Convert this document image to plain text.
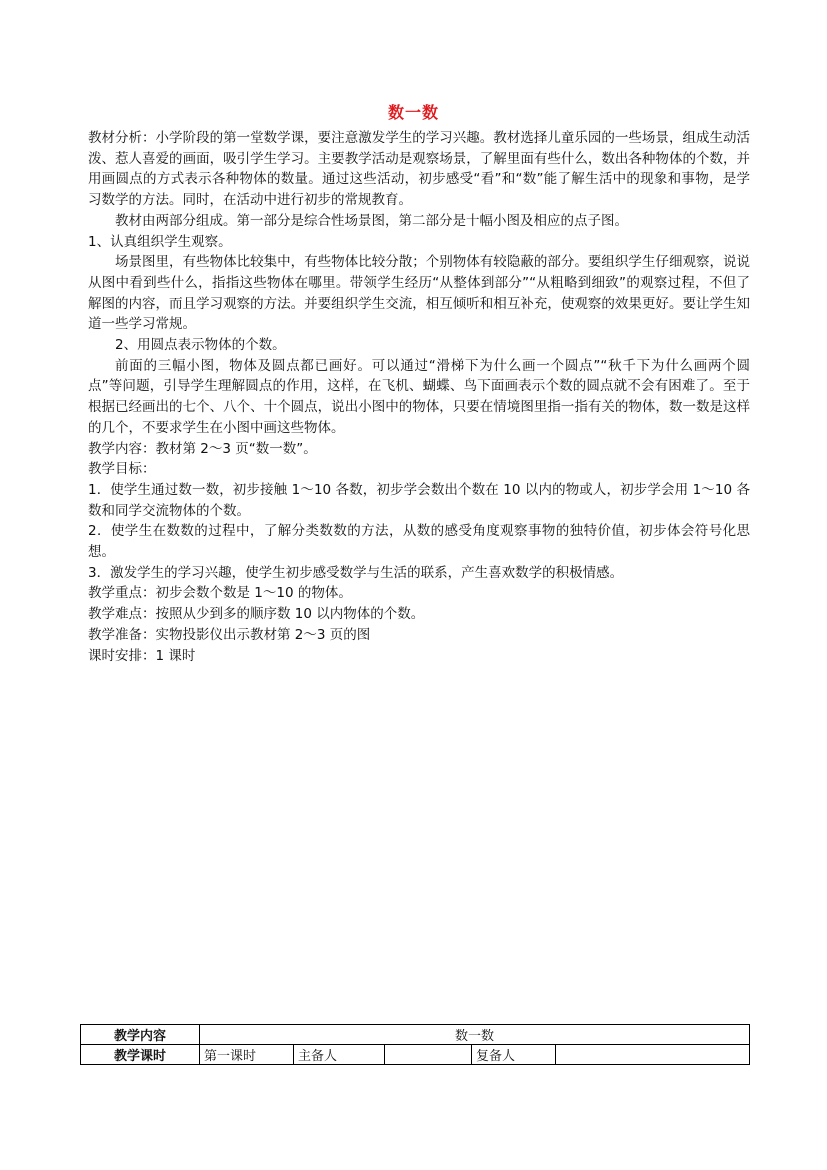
数一数

教材分析：小学阶段的第一堂数学课，要注意激发学生的学习兴趣。教材选择儿童乐园的一些场景，组成生动活泼、惹人喜爱的画面，吸引学生学习。主要教学活动是观察场景，了解里面有些什么，数出各种物体的个数，并用画圆点的方式表示各种物体的数量。通过这些活动，初步感受“看”和“数”能了解生活中的现象和事物，是学习数学的方法。同时，在活动中进行初步的常规教育。

教材由两部分组成。第一部分是综合性场景图，第二部分是十幅小图及相应的点子图。

1、认真组织学生观察。

场景图里，有些物体比较集中，有些物体比较分散；个别物体有较隐蔽的部分。要组织学生仔细观察，说说从图中看到些什么，指指这些物体在哪里。带领学生经历“从整体到部分”“从粗略到细致”的观察过程，不但了解图的内容，而且学习观察的方法。并要组织学生交流，相互倾听和相互补充，使观察的效果更好。要让学生知道一些学习常规。

2、用圆点表示物体的个数。

前面的三幅小图，物体及圆点都已画好。可以通过“滑梯下为什么画一个圆点”“秋千下为什么画两个圆点”等问题，引导学生理解圆点的作用，这样，在飞机、蝴蝶、鸟下面画表示个数的圆点就不会有困难了。至于根据已经画出的七个、八个、十个圆点，说出小图中的物体，只要在情境图里指一指有关的物体，数一数是这样的几个，不要求学生在小图中画这些物体。

教学内容：教材第 2～3 页“数一数”。

教学目标：

1．使学生通过数一数，初步接触 1～10 各数，初步学会数出个数在 10 以内的物或人，初步学会用 1～10 各数和同学交流物体的个数。

2．使学生在数数的过程中，了解分类数数的方法，从数的感受角度观察事物的独特价值，初步体会符号化思想。

3．激发学生的学习兴趣，使学生初步感受数学与生活的联系，产生喜欢数学的积极情感。

教学重点：初步会数个数是 1～10 的物体。

教学难点：按照从少到多的顺序数 10 以内物体的个数。

教学准备：实物投影仪出示教材第 2～3 页的图

课时安排：1 课时

教学内容	数一数				
教学课时	第一课时	主备人		复备人	
